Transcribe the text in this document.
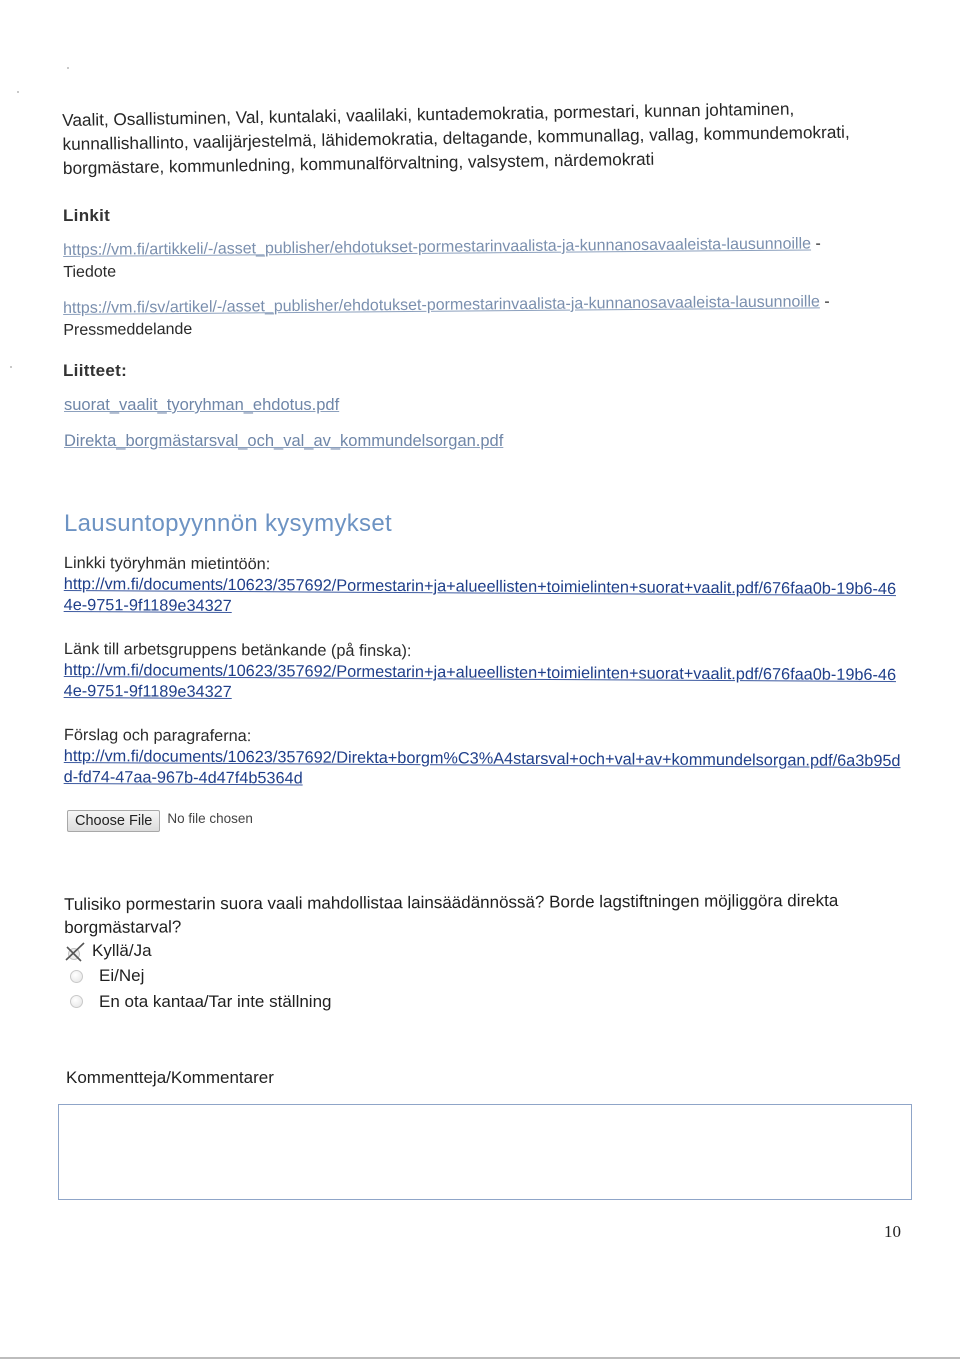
Vaalit, Osallistuminen, Val, kuntalaki, vaalilaki, kuntademokratia, pormestari, kunnan johtaminen, kunnallishallinto, vaalijärjestelmä, lähidemokratia, deltagande, kommunallag, vallag, kommundemokrati, borgmästare, kommunledning, kommunalförvaltning, valsystem, närdemokrati
Linkit
https://vm.fi/artikkeli/-/asset_publisher/ehdotukset-pormestarinvaalista-ja-kunnanosavaaleista-lausunnoille - Tiedote
https://vm.fi/sv/artikel/-/asset_publisher/ehdotukset-pormestarinvaalista-ja-kunnanosavaaleista-lausunnoille - Pressmeddelande
Liitteet:
suorat_vaalit_tyoryhman_ehdotus.pdf
Direkta_borgmästarsval_och_val_av_kommundelsorgan.pdf
Lausuntopyynnön kysymykset
Linkki työryhmän mietintöön:
http://vm.fi/documents/10623/357692/Pormestarin+ja+alueellisten+toimielinten+suorat+vaalit.pdf/676faa0b-19b6-464e-9751-9f1189e34327
Länk till arbetsgruppens betänkande (på finska):
http://vm.fi/documents/10623/357692/Pormestarin+ja+alueellisten+toimielinten+suorat+vaalit.pdf/676faa0b-19b6-464e-9751-9f1189e34327
Förslag och paragraferna:
http://vm.fi/documents/10623/357692/Direkta+borgm%C3%A4starsval+och+val+av+kommundelsorgan.pdf/6a3b95dd-fd74-47aa-967b-4d47f4b5364d
Choose File	No file chosen
Tulisiko pormestarin suora vaali mahdollistaa lainsäädännössä? Borde lagstiftningen möjliggöra direkta borgmästarval?
Kyllä/Ja
Ei/Nej
En ota kantaa/Tar inte ställning
Kommentteja/Kommentarer
10
